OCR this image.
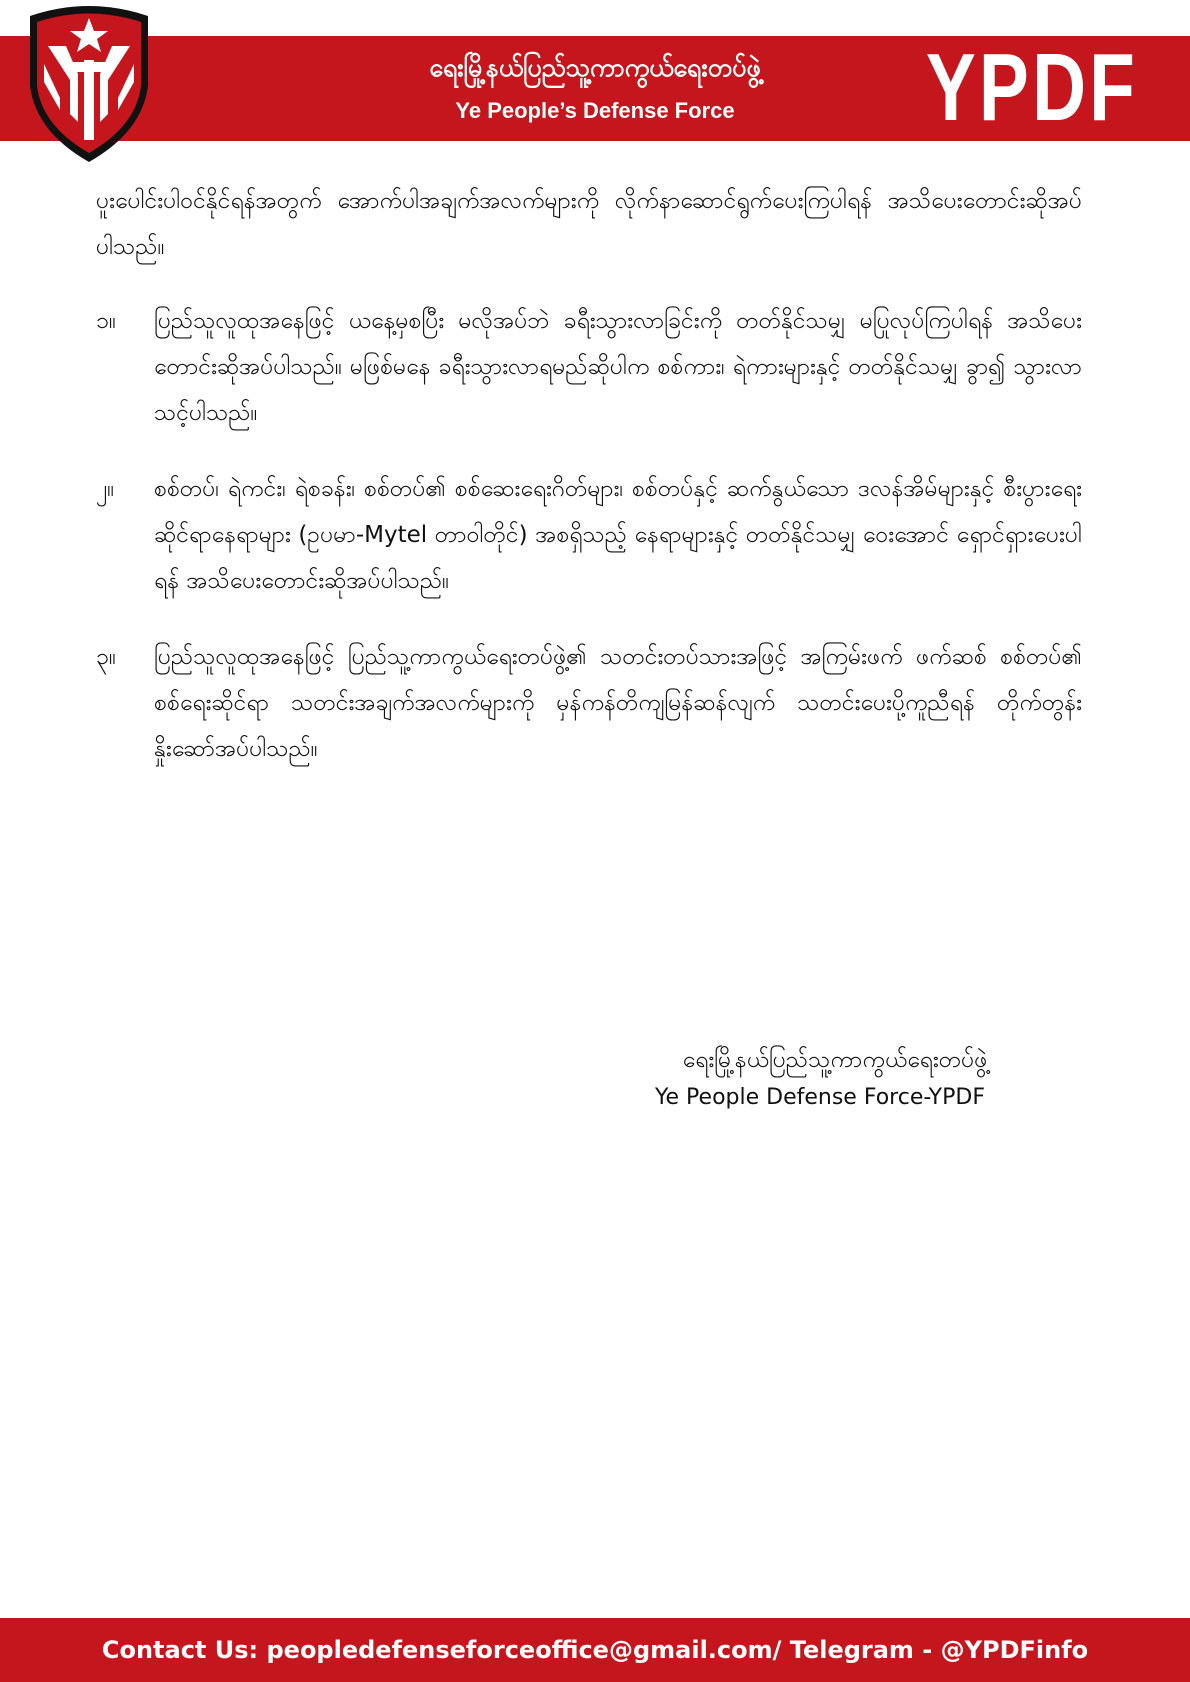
ရေးမြို့နယ်ပြည်သူ့ကာကွယ်ရေးတပ်ဖွဲ့
Ye People’s Defense Force	YPDF

ပူးပေါင်းပါဝင်နိုင်ရန်အတွက် အောက်ပါအချက်အလက်များကို လိုက်နာဆောင်ရွက်ပေးကြပါရန် အသိပေးတောင်းဆိုအပ်ပါသည်။

၁။	ပြည်သူလူထုအနေဖြင့် ယနေ့မှစပြီး မလိုအပ်ဘဲ ခရီးသွားလာခြင်းကို တတ်နိုင်သမျှ မပြုလုပ်ကြပါရန် အသိပေးတောင်းဆိုအပ်ပါသည်။ မဖြစ်မနေ ခရီးသွားလာရမည်ဆိုပါက စစ်ကား၊ ရဲကားများနှင့် တတ်နိုင်သမျှ ခွာ၍ သွားလာသင့်ပါသည်။
၂။	စစ်တပ်၊ ရဲကင်း၊ ရဲစခန်း၊ စစ်တပ်၏ စစ်ဆေးရေးဂိတ်များ၊ စစ်တပ်နှင့် ဆက်နွယ်သော ဒလန်အိမ်များနှင့် စီးပွားရေးဆိုင်ရာနေရာများ (ဥပမာ-Mytel တာဝါတိုင်) အစရှိသည့် နေရာများနှင့် တတ်နိုင်သမျှ ဝေးအောင် ရှောင်ရှားပေးပါရန် အသိပေးတောင်းဆိုအပ်ပါသည်။
၃။	ပြည်သူလူထုအနေဖြင့် ပြည်သူ့ကာကွယ်ရေးတပ်ဖွဲ့၏ သတင်းတပ်သားအဖြင့် အကြမ်းဖက် ဖက်ဆစ် စစ်တပ်၏ စစ်ရေးဆိုင်ရာ သတင်းအချက်အလက်များကို မှန်ကန်တိကျမြန်ဆန်လျက် သတင်းပေးပို့ကူညီရန် တိုက်တွန်းနှိုးဆော်အပ်ပါသည်။
ရေးမြို့နယ်ပြည်သူ့ကာကွယ်ရေးတပ်ဖွဲ့
Ye People Defense Force-YPDF
Contact Us: peopledefenseforceoffice@gmail.com/ Telegram - @YPDFinfo
